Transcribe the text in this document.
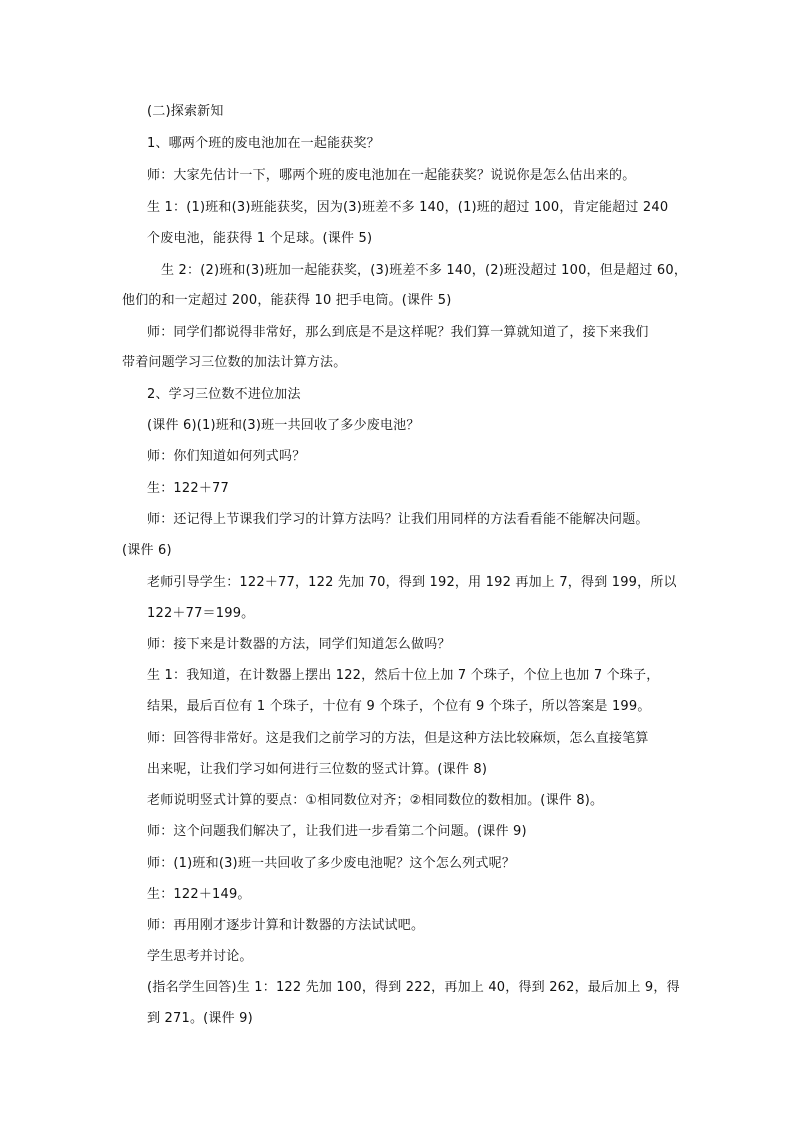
(二)探索新知
1、哪两个班的废电池加在一起能获奖？
师：大家先估计一下，哪两个班的废电池加在一起能获奖？说说你是怎么估出来的。
生 1：(1)班和(3)班能获奖，因为(3)班差不多 140，(1)班的超过 100，肯定能超过 240
个废电池，能获得 1 个足球。(课件 5)
生 2：(2)班和(3)班加一起能获奖，(3)班差不多 140，(2)班没超过 100，但是超过 60，
他们的和一定超过 200，能获得 10 把手电筒。(课件 5)
师：同学们都说得非常好，那么到底是不是这样呢？我们算一算就知道了，接下来我们
带着问题学习三位数的加法计算方法。
2、学习三位数不进位加法
(课件 6)(1)班和(3)班一共回收了多少废电池？
师：你们知道如何列式吗？
生：122＋77
师：还记得上节课我们学习的计算方法吗？让我们用同样的方法看看能不能解决问题。
(课件 6)
老师引导学生：122＋77，122 先加 70，得到 192，用 192 再加上 7，得到 199，所以
122＋77＝199。
师：接下来是计数器的方法，同学们知道怎么做吗？
生 1：我知道，在计数器上摆出 122，然后十位上加 7 个珠子，个位上也加 7 个珠子，
结果，最后百位有 1 个珠子，十位有 9 个珠子，个位有 9 个珠子，所以答案是 199。
师：回答得非常好。这是我们之前学习的方法，但是这种方法比较麻烦，怎么直接笔算
出来呢，让我们学习如何进行三位数的竖式计算。(课件 8)
老师说明竖式计算的要点：①相同数位对齐；②相同数位的数相加。(课件 8)。
师：这个问题我们解决了，让我们进一步看第二个问题。(课件 9)
师：(1)班和(3)班一共回收了多少废电池呢？这个怎么列式呢？
生：122＋149。
师：再用刚才逐步计算和计数器的方法试试吧。
学生思考并讨论。
(指名学生回答)生 1：122 先加 100，得到 222，再加上 40，得到 262，最后加上 9，得
到 271。(课件 9)
